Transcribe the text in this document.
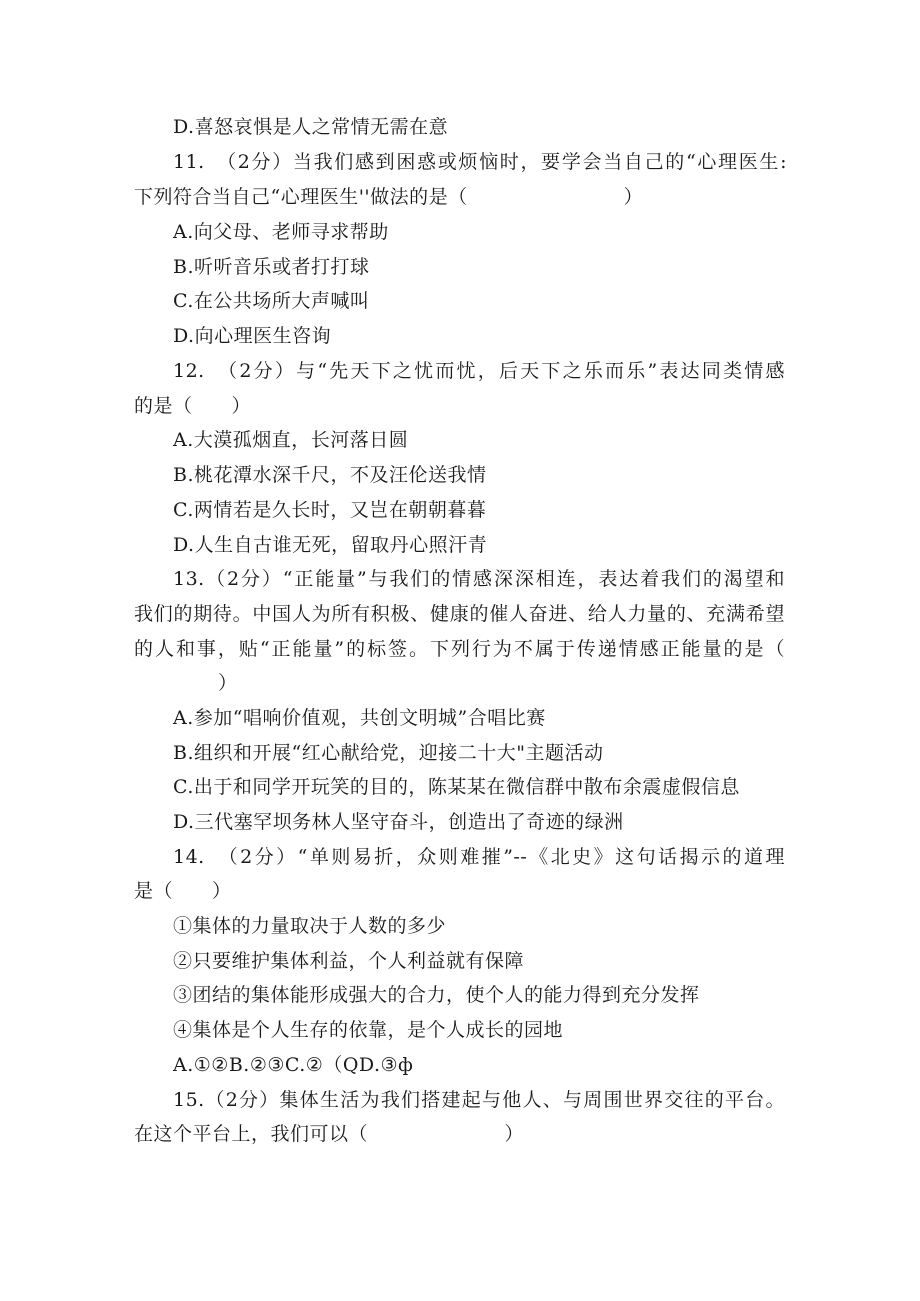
D.喜怒哀惧是人之常情无需在意
11.　（2分）当我们感到困惑或烦恼时，要学会当自己的“心理医生:
下列符合当自己“心理医生''做法的是（　　　　　　　　）
A.向父母、老师寻求帮助
B.听听音乐或者打打球
C.在公共场所大声喊叫
D.向心理医生咨询
12.　（2分）与“先天下之忧而忧，后天下之乐而乐”表达同类情感
的是（　　）
A.大漠孤烟直，长河落日圆
B.桃花潭水深千尺，不及汪伦送我情
C.两情若是久长时，又岂在朝朝暮暮
D.人生自古谁无死，留取丹心照汗青
13.（2分）“正能量”与我们的情感深深相连，表达着我们的渴望和
我们的期待。中国人为所有积极、健康的催人奋进、给人力量的、充满希望
的人和事，贴“正能量”的标签。下列行为不属于传递情感正能量的是（
）
A.参加“唱响价值观，共创文明城”合唱比赛
B.组织和开展“红心献给党，迎接二十大"主题活动
C.出于和同学开玩笑的目的，陈某某在微信群中散布余震虚假信息
D.三代塞罕坝务林人坚守奋斗，创造出了奇迹的绿洲
14.　（2分）“单则易折，众则难摧”--《北史》这句话揭示的道理
是（　　）
①集体的力量取决于人数的多少
②只要维护集体利益，个人利益就有保障
③团结的集体能形成强大的合力，使个人的能力得到充分发挥
④集体是个人生存的依靠，是个人成长的园地
A.①②B.②③C.②（QD.③ф
15.（2分）集体生活为我们搭建起与他人、与周围世界交往的平台。
在这个平台上，我们可以（　　　　　　　）
